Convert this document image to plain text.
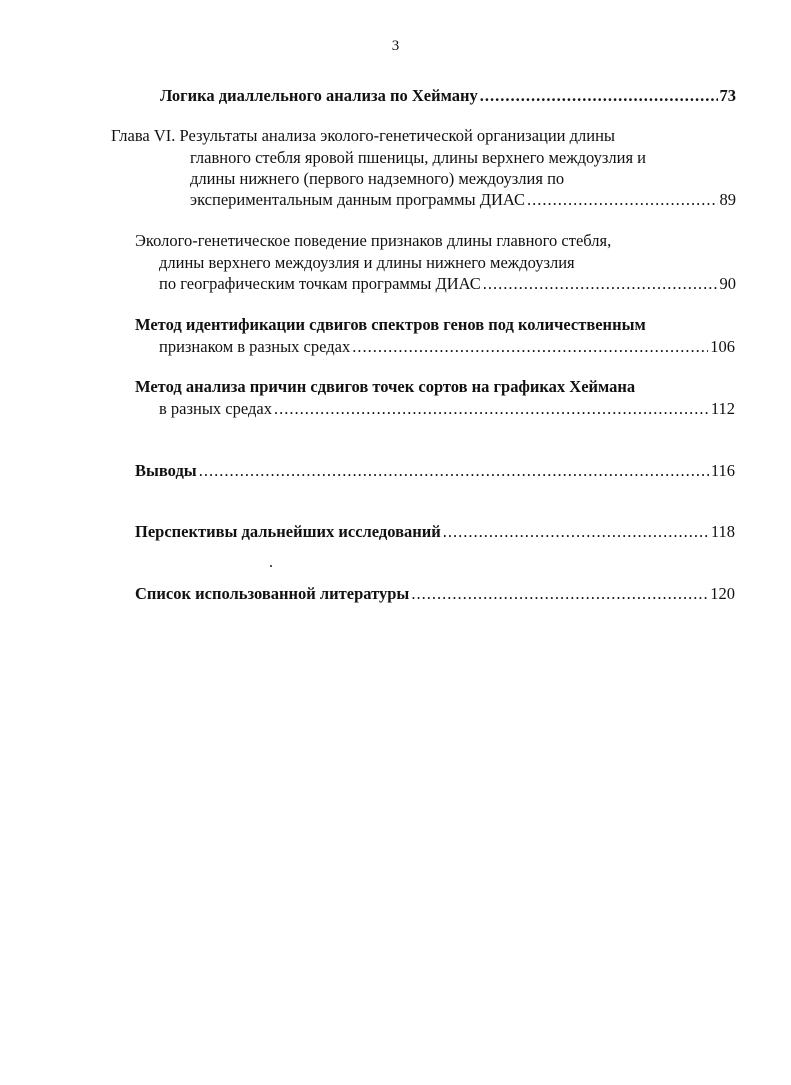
3
Логика диаллельного анализа по Хейману .....	73
Глава VI. Результаты анализа эколого-генетической организации длины
главного стебля яровой пшеницы, длины верхнего междоузлия и
длины нижнего (первого надземного) междоузлия по
экспериментальным данным программы ДИАС .....	89
Эколого-генетическое поведение признаков длины главного стебля,
длины верхнего междоузлия и длины нижнего междоузлия
по географическим точкам программы ДИАС .....	90
Метод идентификации сдвигов спектров генов под количественным
признаком в разных средах .....	106
Метод анализа причин сдвигов точек сортов на графиках Хеймана
в разных средах .....	112
Выводы .....	116
Перспективы дальнейших исследований .....	118
Список использованной литературы .....	120
